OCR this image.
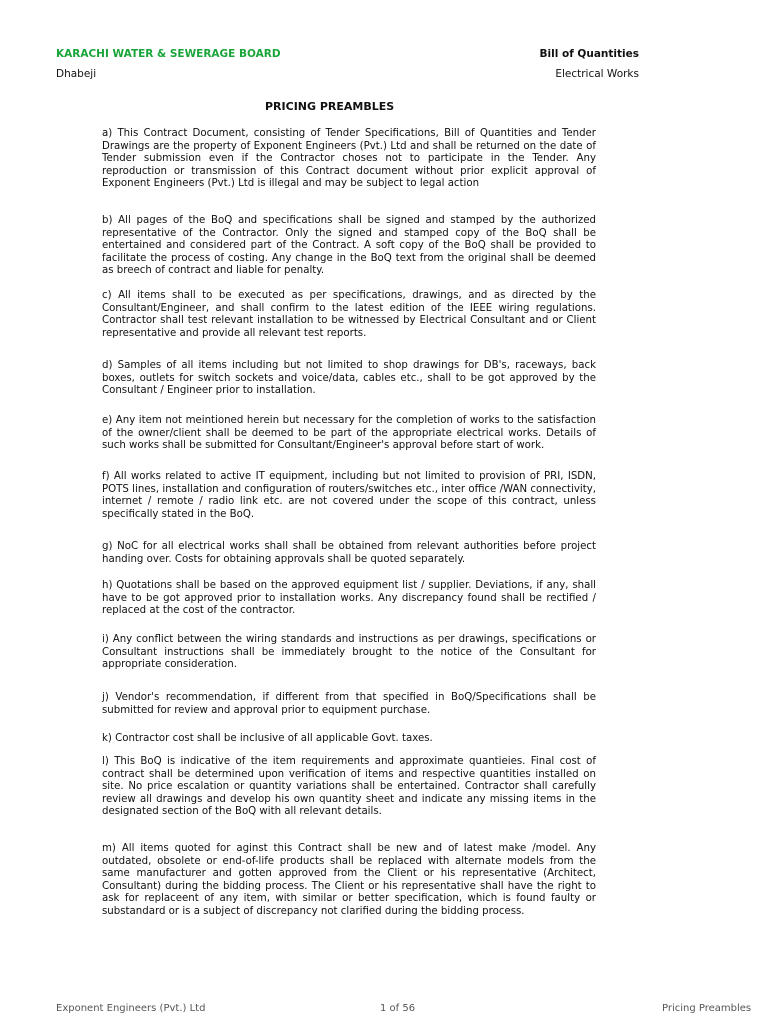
KARACHI WATER & SEWERAGE BOARD
Dhabeji
Bill of Quantities
Electrical Works
PRICING PREAMBLES
a) This Contract Document, consisting of Tender Specifications, Bill of Quantities and Tender Drawings are the property of Exponent Engineers (Pvt.) Ltd and shall be returned on the date of Tender submission even if the Contractor choses not to participate in the Tender. Any reproduction or transmission of this Contract document without prior explicit approval of Exponent Engineers (Pvt.) Ltd is illegal and may be subject to legal action
b) All pages of the BoQ and specifications shall be signed and stamped by the authorized representative of the Contractor. Only the signed and stamped copy of the BoQ shall be entertained and considered part of the Contract. A soft copy of the BoQ shall be provided to facilitate the process of costing. Any change in the BoQ text from the original shall be deemed as breech of contract and liable for penalty.
c) All items shall to be executed as per specifications, drawings, and as directed by the Consultant/Engineer, and shall confirm to the latest edition of the IEEE wiring regulations. Contractor shall test relevant installation to be witnessed by Electrical Consultant and or Client representative and provide all relevant test reports.
d) Samples of all items including but not limited to shop drawings for DB's, raceways, back boxes, outlets for switch sockets and voice/data, cables etc., shall to be got approved by the Consultant / Engineer prior to installation.
e) Any item not meintioned herein but necessary for the completion of works to the satisfaction of the owner/client shall be deemed to be part of the appropriate electrical works. Details of such works shall be submitted for Consultant/Engineer's approval before start of work.
f) All works related to active IT equipment, including but not limited to provision of PRI, ISDN, POTS lines, installation and configuration of routers/switches etc., inter office /WAN connectivity, internet / remote / radio link etc. are not covered under the scope of this contract, unless specifically stated in the BoQ.
g) NoC for all electrical works shall shall be obtained from relevant authorities before project handing over. Costs for obtaining approvals shall be quoted separately.
h) Quotations shall be based on the approved equipment list / supplier. Deviations, if any, shall have to be got approved prior to installation works. Any discrepancy found shall be rectified / replaced at the cost of the contractor.
i) Any conflict between the wiring standards and instructions as per drawings, specifications or Consultant instructions shall be immediately brought to the notice of the Consultant for appropriate consideration.
j) Vendor's recommendation, if different from that specified in BoQ/Specifications shall be submitted for review and approval prior to equipment purchase.
k) Contractor cost shall be inclusive of all applicable Govt. taxes.
l) This BoQ is indicative of the item requirements and approximate quantieies. Final cost of contract shall be determined upon verification of items and respective quantities installed on site. No price escalation or quantity variations shall be entertained. Contractor shall carefully review all drawings and develop his own quantity sheet and indicate any missing items in the designated section of the BoQ with all relevant details.
m) All items quoted for aginst this Contract shall be new and of latest make /model. Any outdated, obsolete or end-of-life products shall be replaced with alternate models from the same manufacturer and gotten approved from the Client or his representative (Architect, Consultant) during the bidding process. The Client or his representative shall have the right to ask for replaceent of any item, with similar or better specification, which is found faulty or substandard or is a subject of discrepancy not clarified during the bidding process.
Exponent Engineers (Pvt.) Ltd	1 of 56	Pricing Preambles
